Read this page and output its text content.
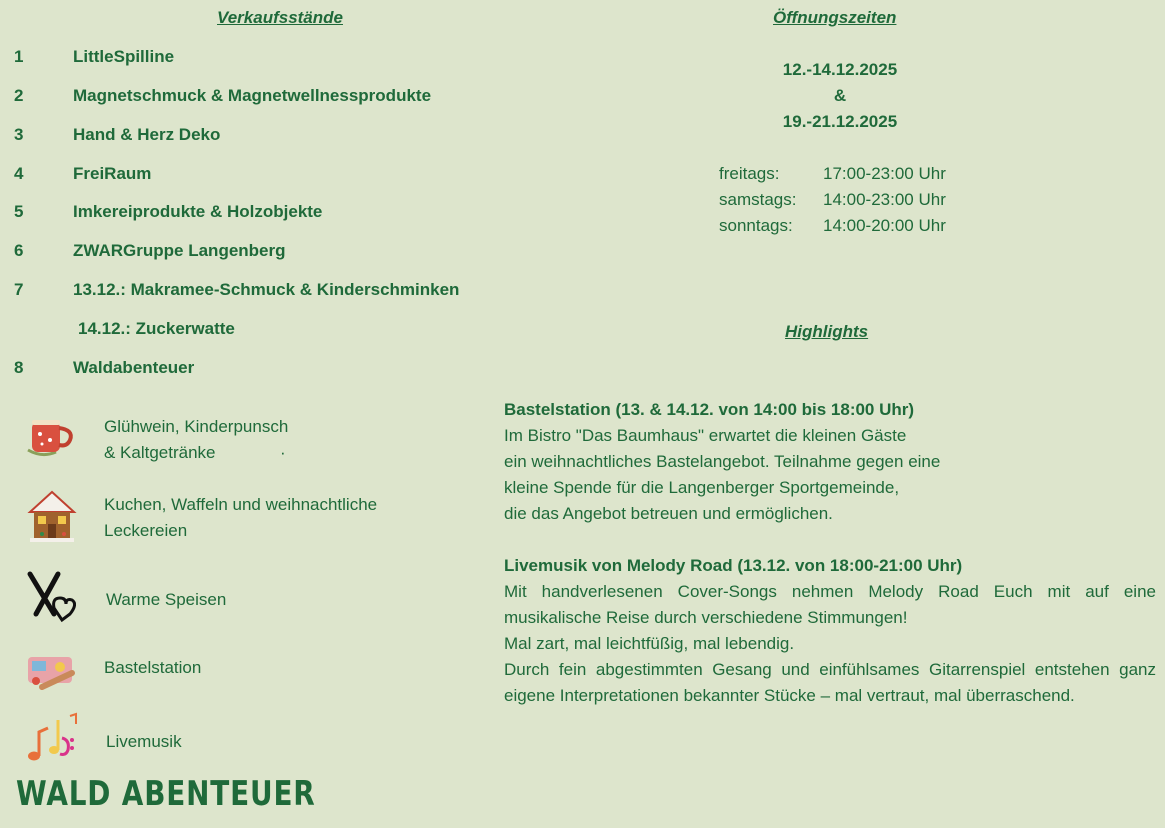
Verkaufsstände
1	LittleSpilline
2	Magnetschmuck & Magnetwellnessprodukte
3	Hand & Herz Deko
4	FreiRaum
5	Imkereiprodukte & Holzobjekte
6	ZWARGruppe Langenberg
7	13.12.: Makramee-Schmuck & Kinderschminken
14.12.: Zuckerwatte
8	Waldabenteuer
Glühwein, Kinderpunsch
& Kaltgetränke	·
Kuchen, Waffeln und weihnachtliche
Leckereien
Warme Speisen
Bastelstation
Livemusik
WALD ABENTEUER
Öffnungszeiten
12.-14.12.2025
&
19.-21.12.2025
freitags:	17:00-23:00 Uhr
samstags: 14:00-23:00 Uhr
sonntags: 14:00-20:00 Uhr
Highlights

Bastelstation (13. & 14.12. von 14:00 bis 18:00 Uhr)

Im Bistro "Das Baumhaus" erwartet die kleinen Gäste

ein weihnachtliches Bastelangebot. Teilnahme gegen eine

kleine Spende für die Langenberger Sportgemeinde,

die das Angebot betreuen und ermöglichen.

Livemusik von Melody Road (13.12. von 18:00-21:00 Uhr)

Mit handverlesenen Cover-Songs nehmen Melody Road Euch mit auf eine musikalische Reise durch verschiedene Stimmungen!

Mal zart, mal leichtfüßig, mal lebendig.

Durch fein abgestimmten Gesang und einfühlsames Gitarrenspiel entstehen ganz eigene Interpretationen bekannter Stücke – mal vertraut, mal überraschend.
